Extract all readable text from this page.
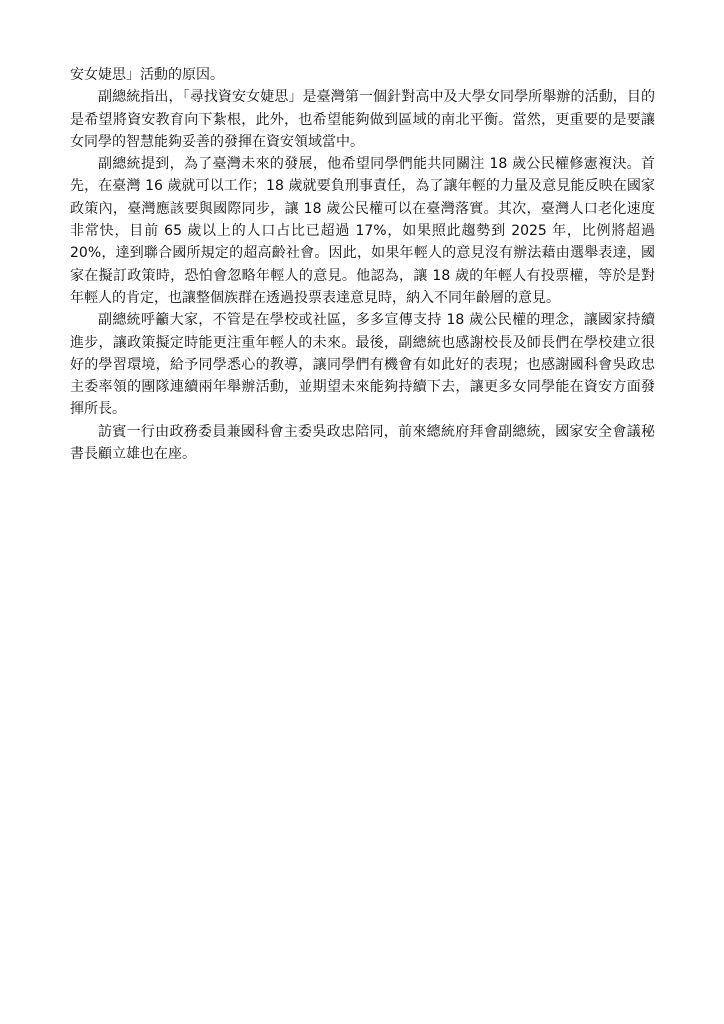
安女婕思」活動的原因。

副總統指出，「尋找資安女婕思」是臺灣第一個針對高中及大學女同學所舉辦的活動，目的是希望將資安教育向下紮根，此外，也希望能夠做到區域的南北平衡。當然，更重要的是要讓女同學的智慧能夠妥善的發揮在資安領域當中。

副總統提到，為了臺灣未來的發展，他希望同學們能共同關注 18 歲公民權修憲複決。首先，在臺灣 16 歲就可以工作；18 歲就要負刑事責任，為了讓年輕的力量及意見能反映在國家政策內，臺灣應該要與國際同步，讓 18 歲公民權可以在臺灣落實。其次，臺灣人口老化速度非常快，目前 65 歲以上的人口占比已超過 17%，如果照此趨勢到 2025 年，比例將超過 20%，達到聯合國所規定的超高齡社會。因此，如果年輕人的意見沒有辦法藉由選舉表達，國家在擬訂政策時，恐怕會忽略年輕人的意見。他認為，讓 18 歲的年輕人有投票權，等於是對年輕人的肯定，也讓整個族群在透過投票表達意見時，納入不同年齡層的意見。

副總統呼籲大家，不管是在學校或社區，多多宣傳支持 18 歲公民權的理念，讓國家持續進步，讓政策擬定時能更注重年輕人的未來。最後，副總統也感謝校長及師長們在學校建立很好的學習環境，給予同學悉心的教導，讓同學們有機會有如此好的表現；也感謝國科會吳政忠主委率領的團隊連續兩年舉辦活動，並期望未來能夠持續下去，讓更多女同學能在資安方面發揮所長。

訪賓一行由政務委員兼國科會主委吳政忠陪同，前來總統府拜會副總統，國家安全會議秘書長顧立雄也在座。
